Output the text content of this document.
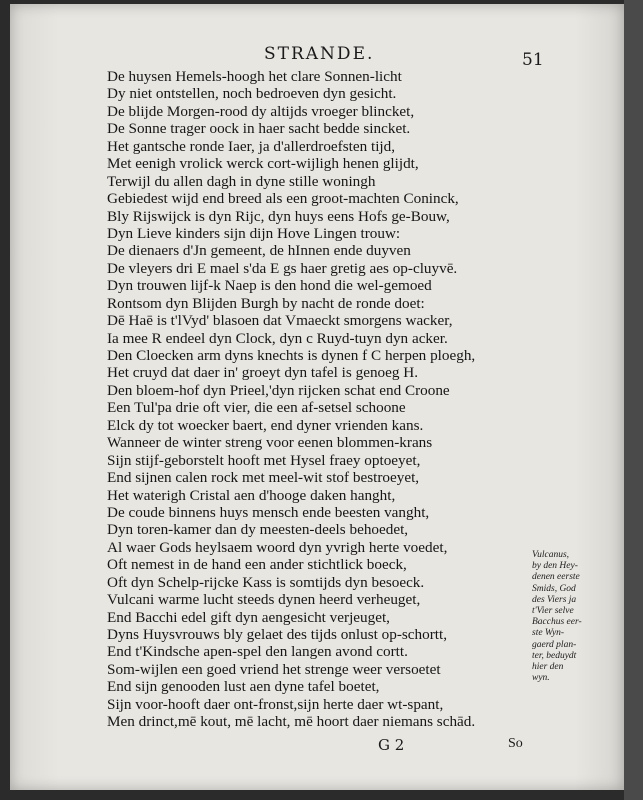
STRANDE.	51
De huysen Hemels-hoogh het clare Sonnen-licht
Dy niet ontstellen, noch bedroeven dyn gesicht.
De blijde Morgen-rood dy altijds vroeger blincket,
De Sonne trager oock in haer sacht bedde sincket.
Het gantsche ronde Iaer, ja d'allerdroefsten tijd,
Met eenigh vrolick werck cort-wijligh henen glijdt,
Terwijl du allen dagh in dyne stille woningh
Gebiedest wijd end breed als een groot-machten Coninck,
Bly Rijswijck is dyn Rijc, dyn huys eens Hofs ge-Bouw,
Dyn Lieve kinders sijn dijn Hove Lingen trouw:
De dienaers d'Jn gemeent, de hInnen ende duyven
De vleyers dri E mael s'da E gs haer gretig aes op-cluyvē.
Dyn trouwen lijf-k Naep is den hond die wel-gemoed
Rontsom dyn Blijden Burgh by nacht de ronde doet:
Dē Haē is t'lVyd' blasoen dat Vmaeckt smorgens wacker,
Ia mee R endeel dyn Clock, dyn c Ruyd-tuyn dyn acker.
Den Cloecken arm dyns knechts is dynen f C herpen ploegh,
Het cruyd dat daer in' groeyt dyn tafel is genoeg H.
Den bloem-hof dyn Prieel,'dyn rijcken schat end Croone
Een Tul'pa drie oft vier, die een af-setsel schoone
Elck dy tot woecker baert, end dyner vrienden kans.
Wanneer de winter streng voor eenen blommen-krans
Sijn stijf-geborstelt hooft met Hysel fraey optoeyet,
End sijnen calen rock met meel-wit stof bestroeyet,
Het waterigh Cristal aen d'hooge daken hanght,
De coude binnens huys mensch ende beesten vanght,
Dyn toren-kamer dan dy meesten-deels behoedet,
Al waer Gods heylsaem woord dyn yvrigh herte voedet,
Oft nemest in de hand een ander stichtlick boeck,
Oft dyn Schelp-rijcke Kass is somtijds dyn besoeck.
Vulcani warme lucht steeds dynen heerd verheuget,
End Bacchi edel gift dyn aengesicht verjeuget,
Dyns Huysvrouws bly gelaet des tijds onlust op-schortt,
End t'Kindsche apen-spel den langen avond cortt.
Som-wijlen een goed vriend het strenge weer versoetet
End sijn genooden lust aen dyne tafel boetet,
Sijn voor-hooft daer ont-fronst,sijn herte daer wt-spant,
Men drinct,mē kout, mē lacht, mē hoort daer niemans schād.
Vulcanus,
by den Hey-
denen eerste
Smids, God
des Viers ja
t'Vier selve
Bacchus eer-
ste Wyn-
gaerd plan-
ter, beduydt
hier den
wyn.
G 2	So
